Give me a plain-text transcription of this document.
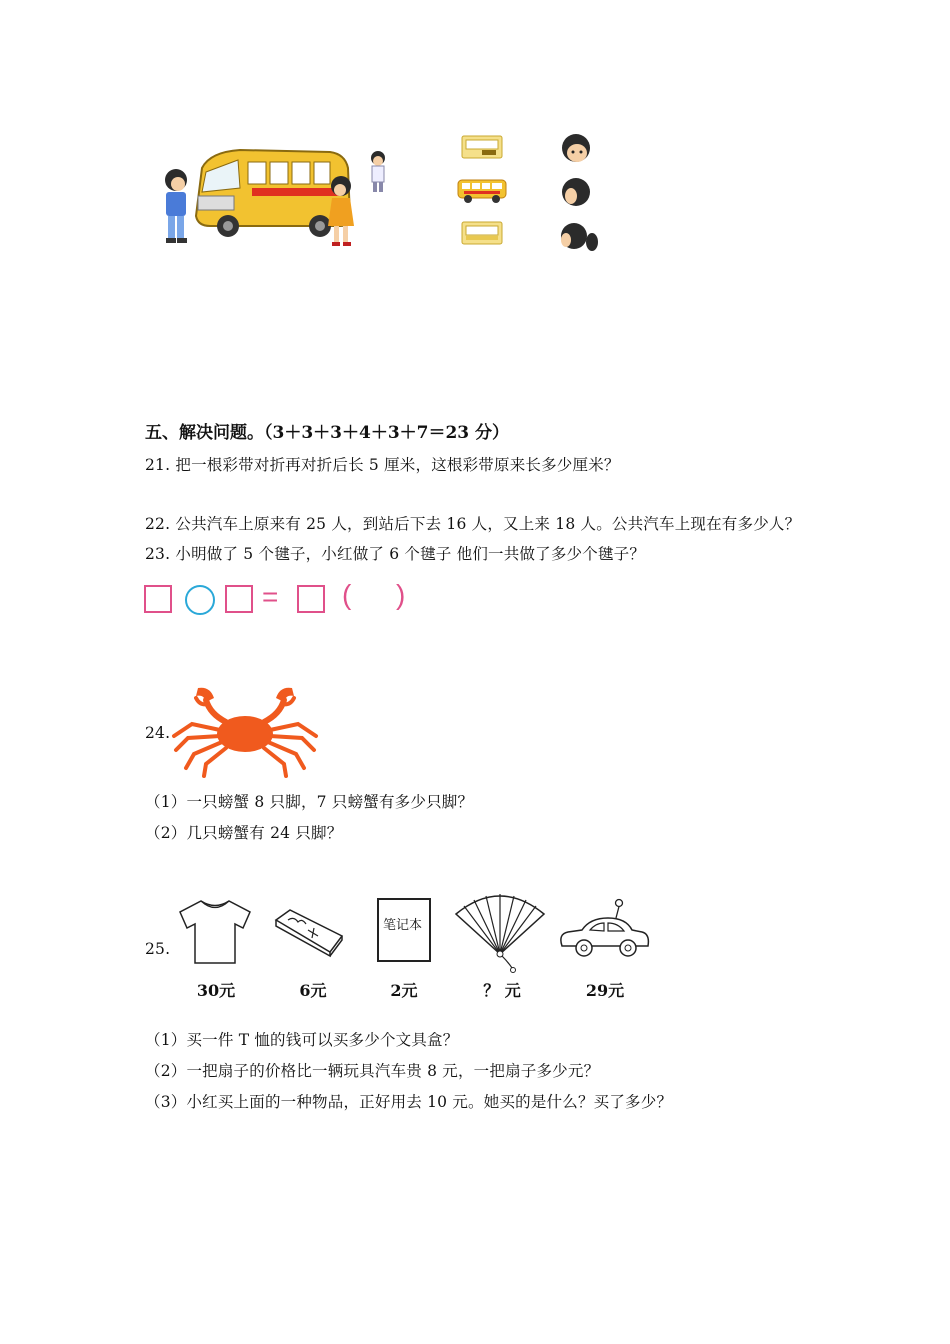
五、解决问题。（3＋3＋3＋4＋3＋7＝23 分）
21. 把一根彩带对折再对折后长 5 厘米，这根彩带原来长多少厘米？
22. 公共汽车上原来有 25 人，到站后下去 16 人，又上来 18 人。公共汽车上现在有多少人？
23. 小明做了 5 个毽子，小红做了 6 个毽子 他们一共做了多少个毽子？
= ( )
24.
（1）一只螃蟹 8 只脚，7 只螃蟹有多少只脚？
（2）几只螃蟹有 24 只脚？
25.
笔记本
30元	6元	2元	？ 元	29元
（1）买一件 T 恤的钱可以买多少个文具盒？
（2）一把扇子的价格比一辆玩具汽车贵 8 元，一把扇子多少元？
（3）小红买上面的一种物品，正好用去 10 元。她买的是什么？买了多少？
